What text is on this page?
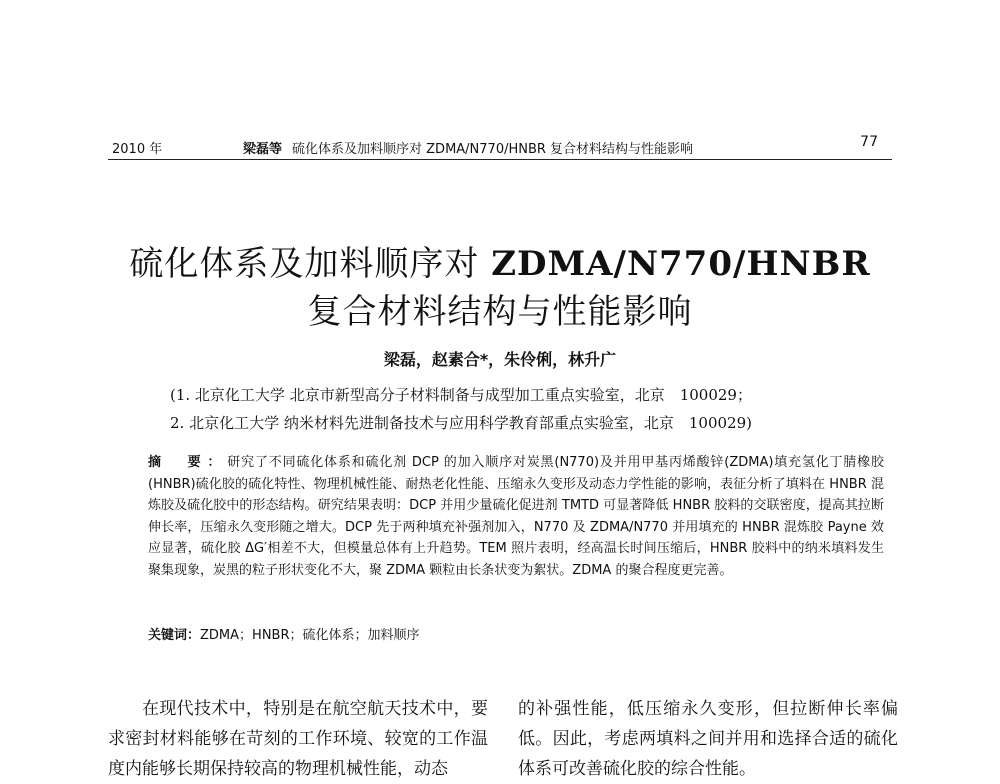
2010 年	梁磊等 硫化体系及加料顺序对 ZDMA/N770/HNBR 复合材料结构与性能影响	77
硫化体系及加料顺序对 ZDMA/N770/HNBR
复合材料结构与性能影响
梁磊，赵素合*，朱伶俐，林升广
(1. 北京化工大学 北京市新型高分子材料制备与成型加工重点实验室，北京　100029；
2. 北京化工大学 纳米材料先进制备技术与应用科学教育部重点实验室，北京　100029)
摘　要：研究了不同硫化体系和硫化剂 DCP 的加入顺序对炭黑(N770)及并用甲基丙烯酸锌(ZDMA)填充氢化丁腈橡胶(HNBR)硫化胶的硫化特性、物理机械性能、耐热老化性能、压缩永久变形及动态力学性能的影响，表征分析了填料在 HNBR 混炼胶及硫化胶中的形态结构。研究结果表明：DCP 并用少量硫化促进剂 TMTD 可显著降低 HNBR 胶料的交联密度，提高其拉断伸长率，压缩永久变形随之增大。DCP 先于两种填充补强剂加入，N770 及 ZDMA/N770 并用填充的 HNBR 混炼胶 Payne 效应显著，硫化胶 ΔG′相差不大，但模量总体有上升趋势。TEM 照片表明，经高温长时间压缩后，HNBR 胶料中的纳米填料发生聚集现象，炭黑的粒子形状变化不大，聚 ZDMA 颗粒由长条状变为絮状。ZDMA 的聚合程度更完善。
关键词：ZDMA；HNBR；硫化体系；加料顺序
在现代技术中，特别是在航空航天技术中，要求密封材料能够在苛刻的工作环境、较宽的工作温度内能够长期保持较高的物理机械性能，动态
的补强性能，低压缩永久变形，但拉断伸长率偏低。因此，考虑两填料之间并用和选择合适的硫化体系可改善硫化胶的综合性能。
